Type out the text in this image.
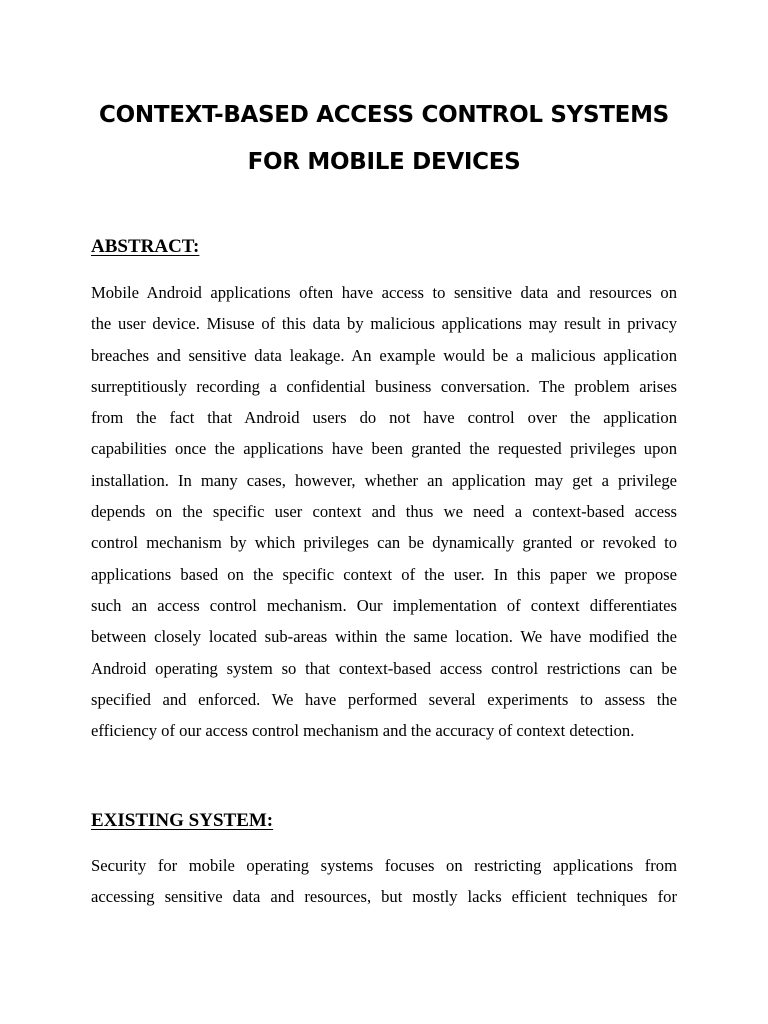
CONTEXT-BASED ACCESS CONTROL SYSTEMS
FOR MOBILE DEVICES
ABSTRACT:
Mobile Android applications often have access to sensitive data and resources on
the user device. Misuse of this data by malicious applications may result in privacy
breaches and sensitive data leakage. An example would be a malicious application
surreptitiously recording a confidential business conversation. The problem arises
from the fact that Android users do not have control over the application
capabilities once the applications have been granted the requested privileges upon
installation. In many cases, however, whether an application may get a privilege
depends on the specific user context and thus we need a context-based access
control mechanism by which privileges can be dynamically granted or revoked to
applications based on the specific context of the user. In this paper we propose
such an access control mechanism. Our implementation of context differentiates
between closely located sub-areas within the same location. We have modified the
Android operating system so that context-based access control restrictions can be
specified and enforced. We have performed several experiments to assess the
efficiency of our access control mechanism and the accuracy of context detection.
EXISTING SYSTEM:
Security for mobile operating systems focuses on restricting applications from
accessing sensitive data and resources, but mostly lacks efficient techniques for
